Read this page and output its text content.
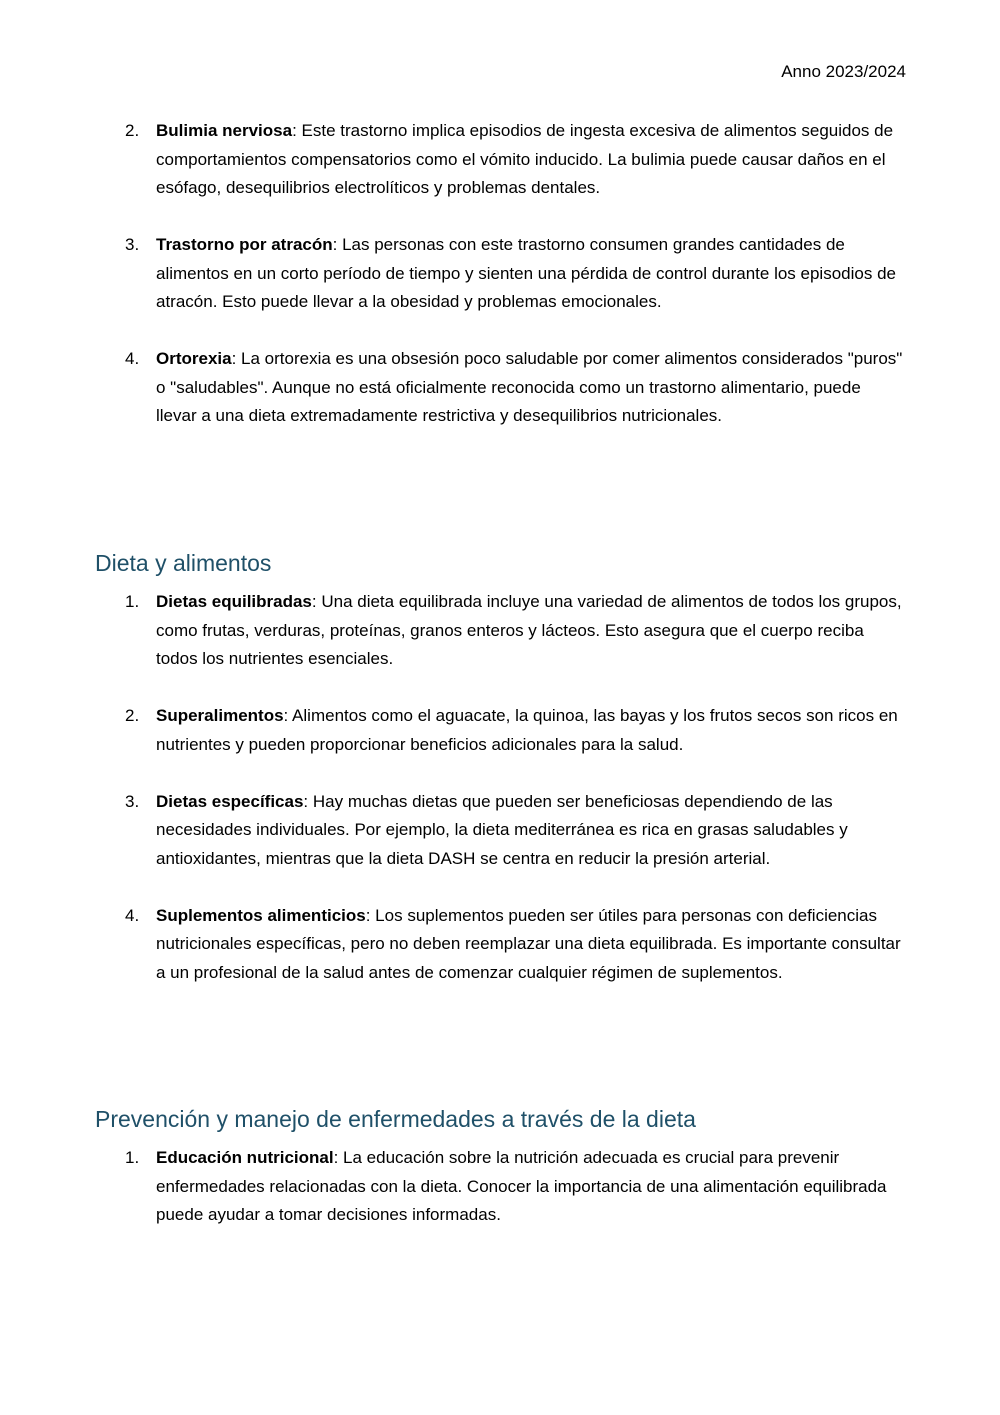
Anno 2023/2024
2. Bulimia nerviosa: Este trastorno implica episodios de ingesta excesiva de alimentos seguidos de comportamientos compensatorios como el vómito inducido. La bulimia puede causar daños en el esófago, desequilibrios electrolíticos y problemas dentales.
3. Trastorno por atracón: Las personas con este trastorno consumen grandes cantidades de alimentos en un corto período de tiempo y sienten una pérdida de control durante los episodios de atracón. Esto puede llevar a la obesidad y problemas emocionales.
4. Ortorexia: La ortorexia es una obsesión poco saludable por comer alimentos considerados "puros" o "saludables". Aunque no está oficialmente reconocida como un trastorno alimentario, puede llevar a una dieta extremadamente restrictiva y desequilibrios nutricionales.
Dieta y alimentos
1. Dietas equilibradas: Una dieta equilibrada incluye una variedad de alimentos de todos los grupos, como frutas, verduras, proteínas, granos enteros y lácteos. Esto asegura que el cuerpo reciba todos los nutrientes esenciales.
2. Superalimentos: Alimentos como el aguacate, la quinoa, las bayas y los frutos secos son ricos en nutrientes y pueden proporcionar beneficios adicionales para la salud.
3. Dietas específicas: Hay muchas dietas que pueden ser beneficiosas dependiendo de las necesidades individuales. Por ejemplo, la dieta mediterránea es rica en grasas saludables y antioxidantes, mientras que la dieta DASH se centra en reducir la presión arterial.
4. Suplementos alimenticios: Los suplementos pueden ser útiles para personas con deficiencias nutricionales específicas, pero no deben reemplazar una dieta equilibrada. Es importante consultar a un profesional de la salud antes de comenzar cualquier régimen de suplementos.
Prevención y manejo de enfermedades a través de la dieta
1. Educación nutricional: La educación sobre la nutrición adecuada es crucial para prevenir enfermedades relacionadas con la dieta. Conocer la importancia de una alimentación equilibrada puede ayudar a tomar decisiones informadas.
